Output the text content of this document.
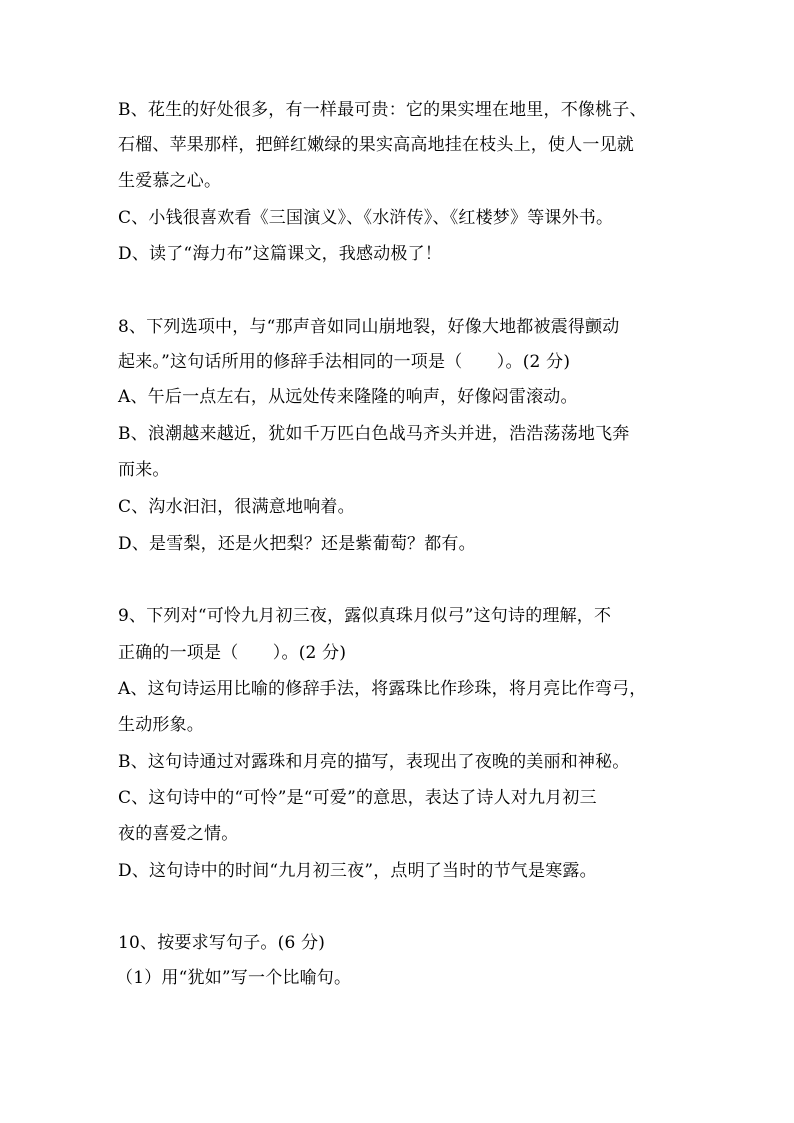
B、花生的好处很多，有一样最可贵：它的果实埋在地里，不像桃子、
石榴、苹果那样，把鲜红嫩绿的果实高高地挂在枝头上，使人一见就
生爱慕之心。
C、小钱很喜欢看《三国演义》、《水浒传》、《红楼梦》等课外书。
D、读了“海力布”这篇课文，我感动极了！
8、下列选项中，与“那声音如同山崩地裂，好像大地都被震得颤动
起来。”这句话所用的修辞手法相同的一项是（　　）。(2 分)
A、午后一点左右，从远处传来隆隆的响声，好像闷雷滚动。
B、浪潮越来越近，犹如千万匹白色战马齐头并进，浩浩荡荡地飞奔
而来。
C、沟水汩汩，很满意地响着。
D、是雪梨，还是火把梨？还是紫葡萄？都有。
9、下列对“可怜九月初三夜，露似真珠月似弓”这句诗的理解，不
正确的一项是（　　）。(2 分)
A、这句诗运用比喻的修辞手法，将露珠比作珍珠，将月亮比作弯弓，
生动形象。
B、这句诗通过对露珠和月亮的描写，表现出了夜晚的美丽和神秘。
C、这句诗中的“可怜”是“可爱”的意思，表达了诗人对九月初三
夜的喜爱之情。
D、这句诗中的时间“九月初三夜”，点明了当时的节气是寒露。
10、按要求写句子。(6 分)
（1）用“犹如”写一个比喻句。
